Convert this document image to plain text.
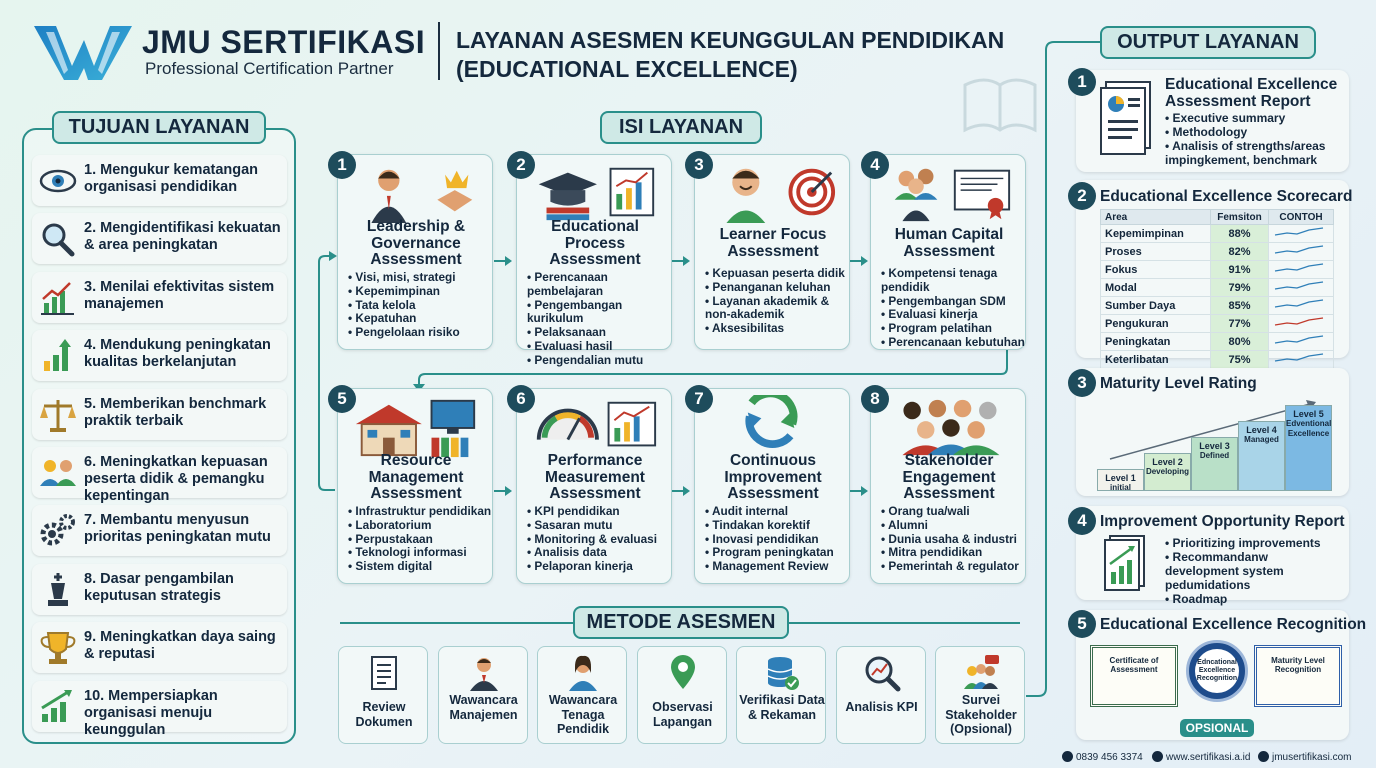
JMU SERTIFIKASI
Professional Certification Partner
LAYANAN ASESMEN KEUNGGULAN PENDIDIKAN (EDUCATIONAL EXCELLENCE)
TUJUAN LAYANAN
1. Mengukur kematangan organisasi pendidikan
2. Mengidentifikasi kekuatan & area peningkatan
3. Menilai efektivitas sistem manajemen
4. Mendukung peningkatan kualitas berkelanjutan
5. Memberikan benchmark praktik terbaik
6. Meningkatkan kepuasan peserta didik & pemangku kepentingan
7. Membantu menyusun prioritas peningkatan mutu
8. Dasar pengambilan keputusan strategis
9. Meningkatkan daya saing & reputasi
10. Mempersiapkan organisasi menuju keunggulan
ISI LAYANAN
Leadership & Governance Assessment
• Visi, misi, strategi
• Kepemimpinan
• Tata kelola
• Kepatuhan
• Pengelolaan risiko
1
Educational Process Assessment
• Perencanaan pembelajaran
• Pengembangan kurikulum
• Pelaksanaan
• Evaluasi hasil
• Pengendalian mutu
2
Learner Focus Assessment
• Kepuasan peserta didik
• Penanganan keluhan
• Layanan akademik & non-akademik
• Aksesibilitas
3
Human Capital Assessment
• Kompetensi tenaga pendidik
• Pengembangan SDM
• Evaluasi kinerja
• Program pelatihan
• Perencanaan kebutuhan
4
Resource Management Assessment
• Infrastruktur pendidikan
• Laboratorium
• Perpustakaan
• Teknologi informasi
• Sistem digital
5
Performance Measurement Assessment
• KPI pendidikan
• Sasaran mutu
• Monitoring & evaluasi
• Analisis data
• Pelaporan kinerja
6
Continuous Improvement Assessment
• Audit internal
• Tindakan korektif
• Inovasi pendidikan
• Program peningkatan
• Management Review
7
Stakeholder Engagement Assessment
• Orang tua/wali
• Alumni
• Dunia usaha & industri
• Mitra pendidikan
• Pemerintah & regulator
8
METODE ASESMEN
Review Dokumen
Wawancara Manajemen
Wawancara Tenaga Pendidik
Observasi Lapangan
Verifikasi Data & Rekaman
Analisis KPI	Survei Stakeholder (Opsional)
OUTPUT LAYANAN
1	Educational Excellence
Assessment Report
• Executive summary
• Methodology
• Analisis of strengths/areas impingkement, benchmark
2 Educational Excellence Scorecard
Area	Femsiton	CONTOH
Kepemimpinan	88%	
Proses	82%	
Fokus	91%	
Modal	79%	
Sumber Daya	85%	
Pengukuran	77%	
Peningkatan	80%	
Keterlibatan	75%	
3 Maturity Level Rating
Level 1
initial
Level 2
Developing
Level 3
Defined
Level 4
Managed
Level 5
Edventional Excellence
4 Improvement Opportunity Report
• Prioritizing improvements
• Recommandanw development system pedumidations
• Roadmap
5 Educational Excellence Recognition
Certificate of Assessment
Edncational Excellence Recognition
Maturity Level Recognition
OPSIONAL
0839 456 3374	www.sertifikasi.a.id	jmusertifikasi.com
